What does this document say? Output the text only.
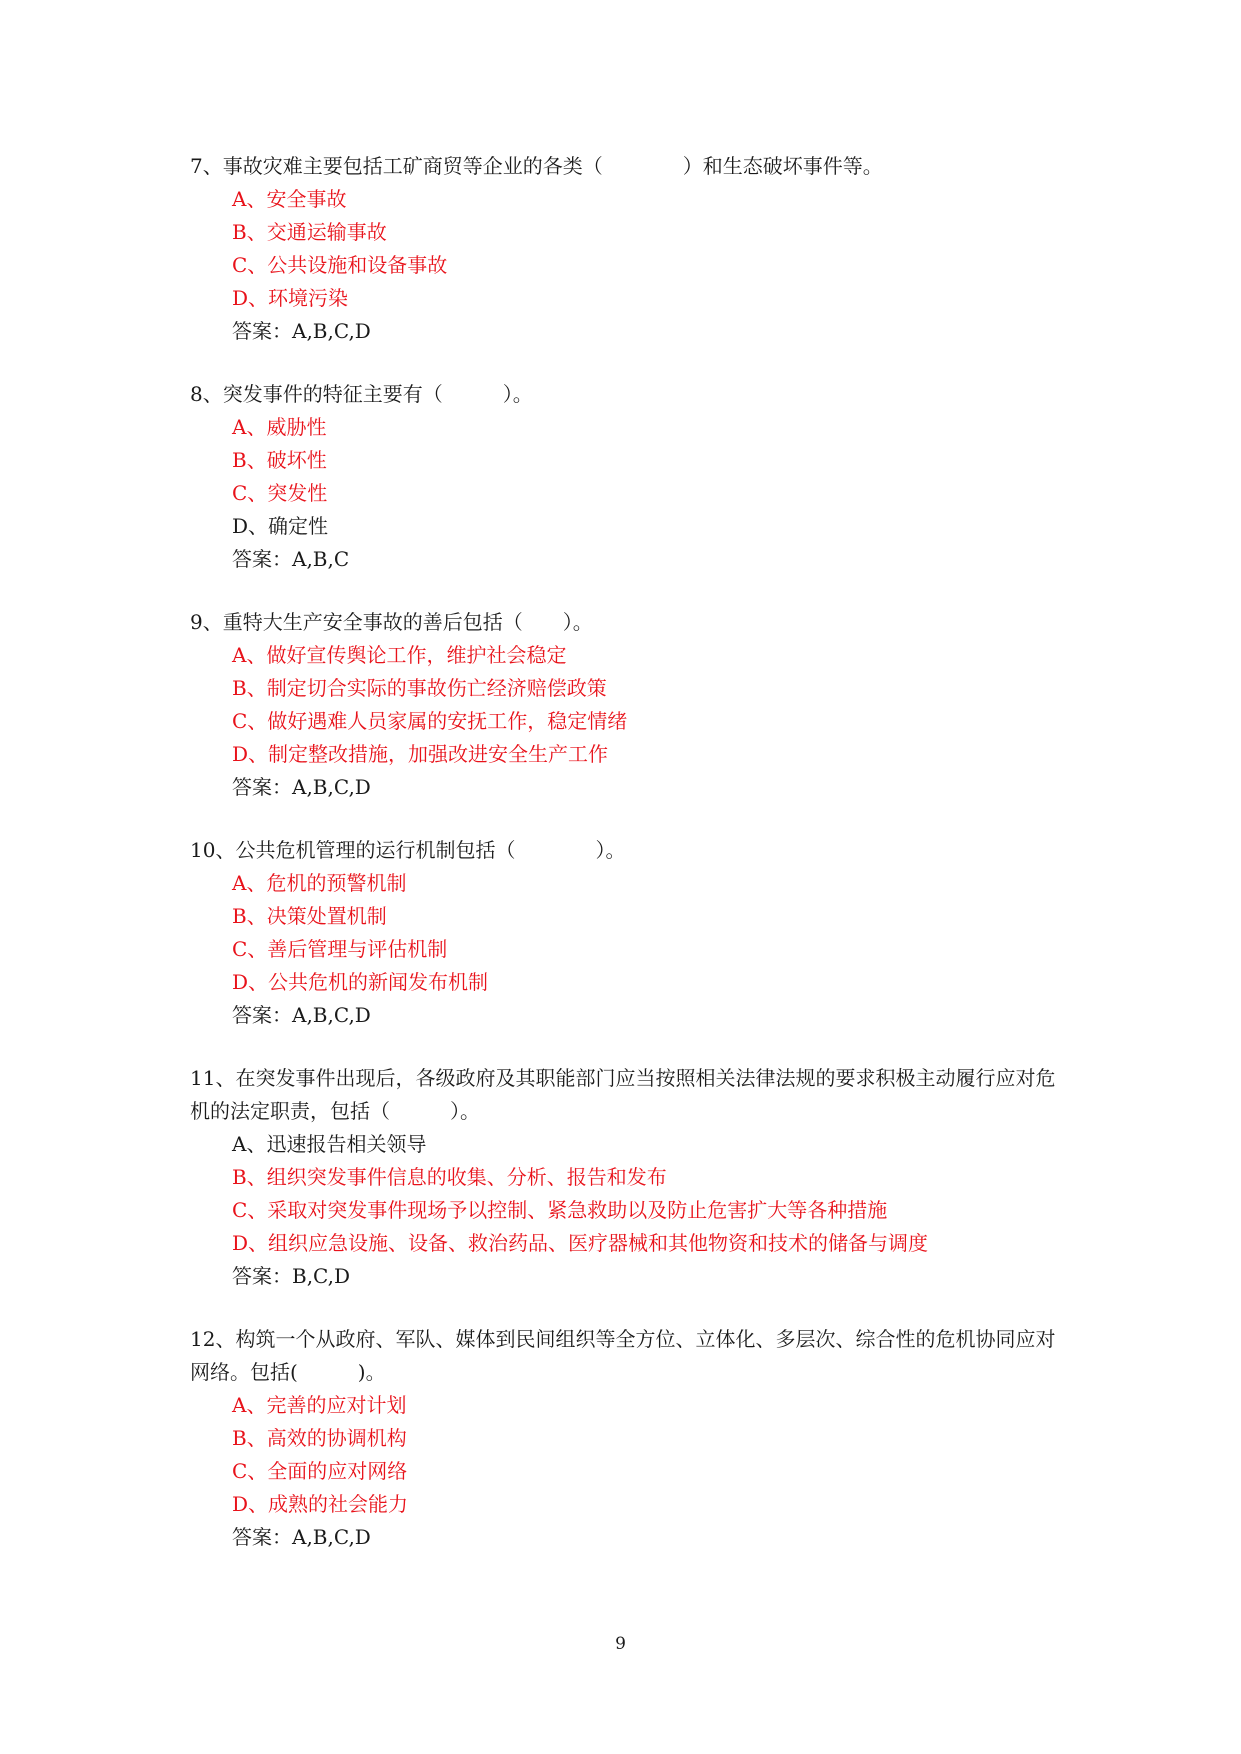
7、事故灾难主要包括工矿商贸等企业的各类（　　　　）和生态破坏事件等。

A、安全事故

B、交通运输事故

C、公共设施和设备事故

D、环境污染

答案：A,B,C,D

8、突发事件的特征主要有（　　　）。

A、威胁性

B、破坏性

C、突发性

D、确定性

答案：A,B,C

9、重特大生产安全事故的善后包括（　　）。

A、做好宣传舆论工作，维护社会稳定

B、制定切合实际的事故伤亡经济赔偿政策

C、做好遇难人员家属的安抚工作，稳定情绪

D、制定整改措施，加强改进安全生产工作

答案：A,B,C,D

10、公共危机管理的运行机制包括（　　　　）。

A、危机的预警机制

B、决策处置机制

C、善后管理与评估机制

D、公共危机的新闻发布机制

答案：A,B,C,D

11、在突发事件出现后，各级政府及其职能部门应当按照相关法律法规的要求积极主动履行应对危机的法定职责，包括（　　　）。

A、迅速报告相关领导

B、组织突发事件信息的收集、分析、报告和发布

C、采取对突发事件现场予以控制、紧急救助以及防止危害扩大等各种措施

D、组织应急设施、设备、救治药品、医疗器械和其他物资和技术的储备与调度

答案：B,C,D

12、构筑一个从政府、军队、媒体到民间组织等全方位、立体化、多层次、综合性的危机协同应对网络。包括(　　　)。

A、完善的应对计划

B、高效的协调机构

C、全面的应对网络

D、成熟的社会能力

答案：A,B,C,D

9
